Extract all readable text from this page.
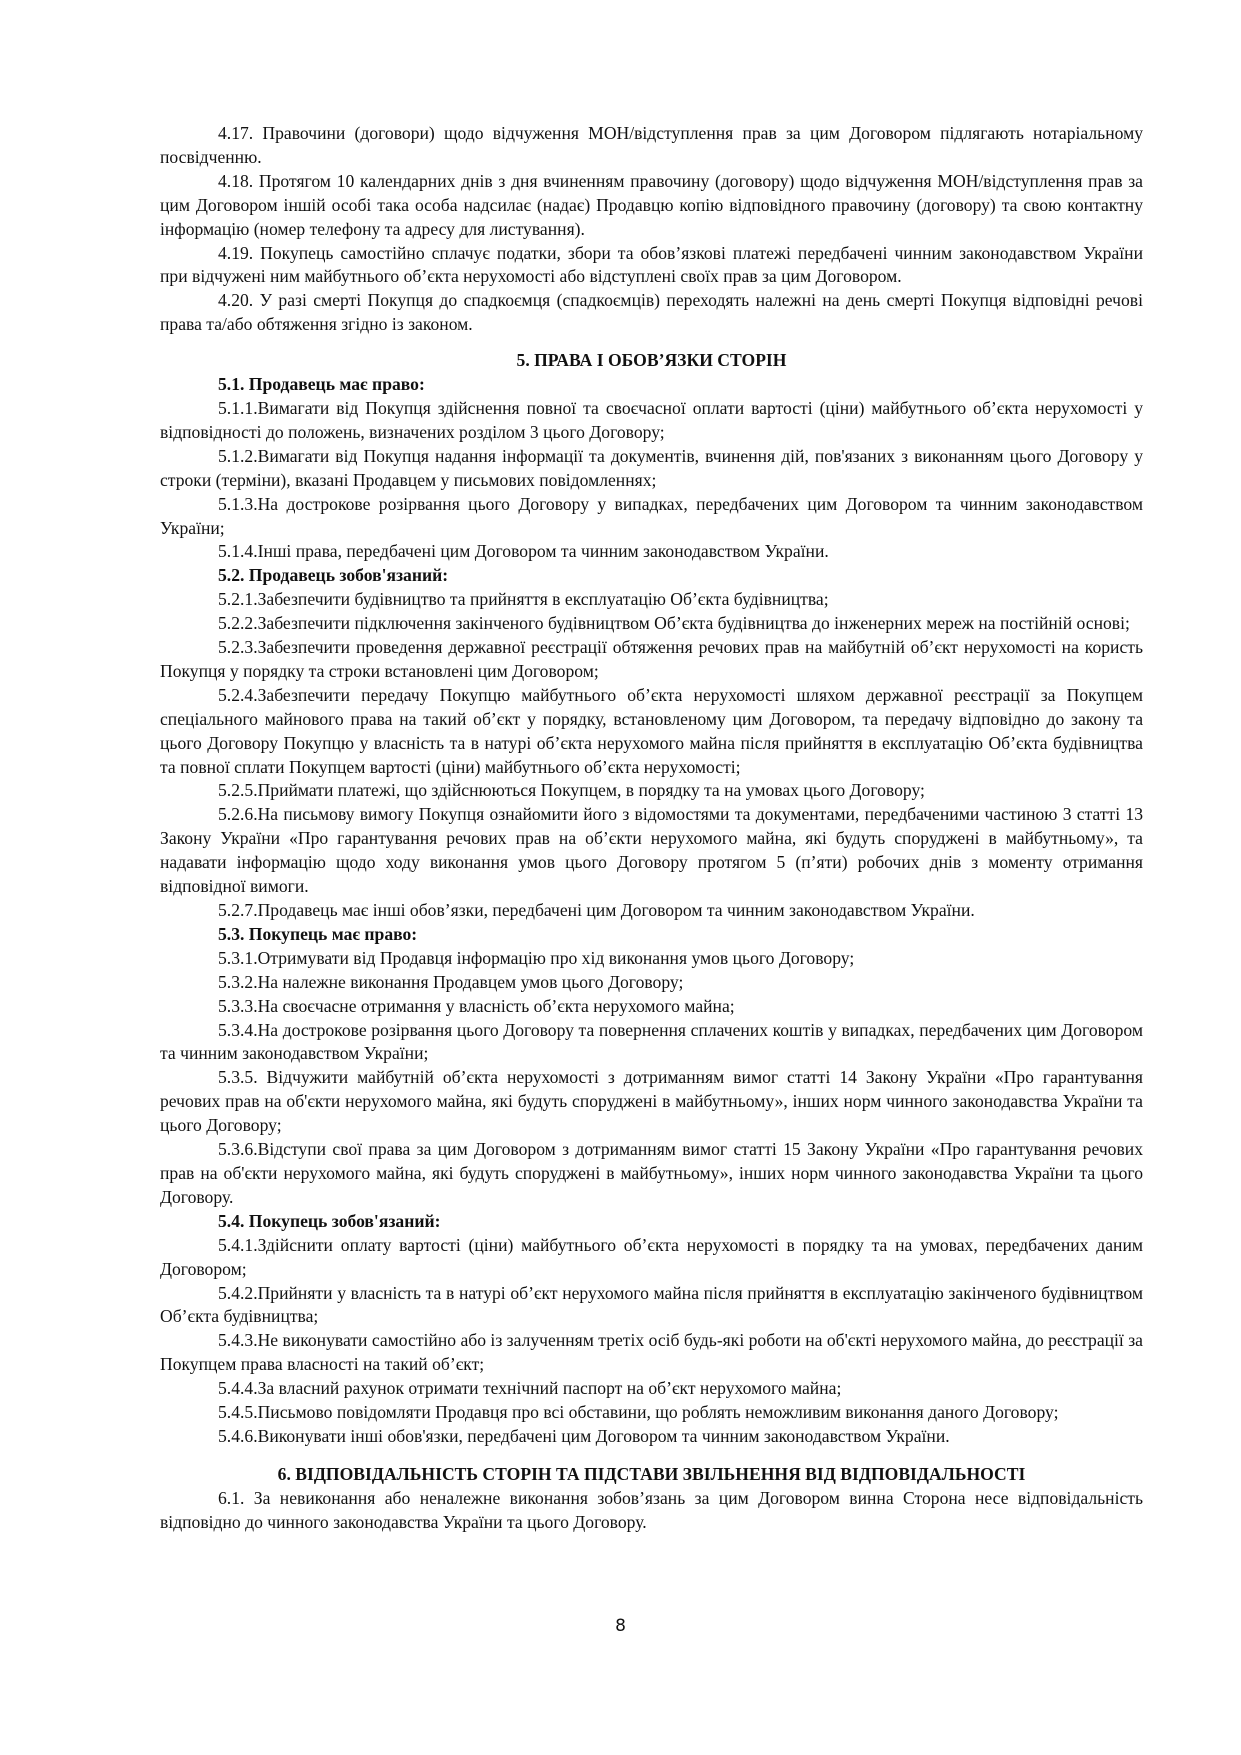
4.17. Правочини (договори) щодо відчуження МОН/відступлення прав за цим Договором підлягають нотаріальному посвідченню.

4.18. Протягом 10 календарних днів з дня вчиненням правочину (договору) щодо відчуження МОН/відступлення прав за цим Договором іншій особі така особа надсилає (надає) Продавцю копію відповідного правочину (договору) та свою контактну інформацію (номер телефону та адресу для листування).

4.19. Покупець самостійно сплачує податки, збори та обов’язкові платежі передбачені чинним законодавством України при відчужені ним майбутнього об’єкта нерухомості або відступлені своїх прав за цим Договором.

4.20. У разі смерті Покупця до спадкоємця (спадкоємців) переходять належні на день смерті Покупця відповідні речові права та/або обтяження згідно із законом.

5. ПРАВА І ОБОВ’ЯЗКИ СТОРІН

5.1. Продавець має право:

5.1.1.Вимагати від Покупця здійснення повної та своєчасної оплати вартості (ціни) майбутнього об’єкта нерухомості у відповідності до положень, визначених розділом 3 цього Договору;

5.1.2.Вимагати від Покупця надання інформації та документів, вчинення дій, пов'язаних з виконанням цього Договору у строки (терміни), вказані Продавцем у письмових повідомленнях;

5.1.3.На дострокове розірвання цього Договору у випадках, передбачених цим Договором та чинним законодавством України;

5.1.4.Інші права, передбачені цим Договором та чинним законодавством України.

5.2. Продавець зобов'язаний:

5.2.1.Забезпечити будівництво та прийняття в експлуатацію Об’єкта будівництва;

5.2.2.Забезпечити підключення закінченого будівництвом Об’єкта будівництва до інженерних мереж на постійній основі;

5.2.3.Забезпечити проведення державної реєстрації обтяження речових прав на майбутній об’єкт нерухомості на користь Покупця у порядку та строки встановлені цим Договором;

5.2.4.Забезпечити передачу Покупцю майбутнього об’єкта нерухомості шляхом державної реєстрації за Покупцем спеціального майнового права на такий об’єкт у порядку, встановленому цим Договором, та передачу відповідно до закону та цього Договору Покупцю у власність та в натурі об’єкта нерухомого майна після прийняття в експлуатацію Об’єкта будівництва та повної сплати Покупцем вартості (ціни) майбутнього об’єкта нерухомості;

5.2.5.Приймати платежі, що здійснюються Покупцем, в порядку та на умовах цього Договору;

5.2.6.На письмову вимогу Покупця ознайомити його з відомостями та документами, передбаченими частиною 3 статті 13 Закону України «Про гарантування речових прав на об’єкти нерухомого майна, які будуть споруджені в майбутньому», та надавати інформацію щодо ходу виконання умов цього Договору протягом 5 (п’яти) робочих днів з моменту отримання відповідної вимоги.

5.2.7.Продавець має інші обов’язки, передбачені цим Договором та чинним законодавством України.

5.3. Покупець має право:

5.3.1.Отримувати від Продавця інформацію про хід виконання умов цього Договору;

5.3.2.На належне виконання Продавцем умов цього Договору;

5.3.3.На своєчасне отримання у власність об’єкта нерухомого майна;

5.3.4.На дострокове розірвання цього Договору та повернення сплачених коштів у випадках, передбачених цим Договором та чинним законодавством України;

5.3.5. Відчужити майбутній об’єкта нерухомості з дотриманням вимог статті 14 Закону України «Про гарантування речових прав на об'єкти нерухомого майна, які будуть споруджені в майбутньому», інших норм чинного законодавства України та цього Договору;

5.3.6.Відступи свої права за цим Договором з дотриманням вимог статті 15 Закону України «Про гарантування речових прав на об'єкти нерухомого майна, які будуть споруджені в майбутньому», інших норм чинного законодавства України та цього Договору.

5.4. Покупець зобов'язаний:

5.4.1.Здійснити оплату вартості (ціни) майбутнього об’єкта нерухомості в порядку та на умовах, передбачених даним Договором;

5.4.2.Прийняти у власність та в натурі об’єкт нерухомого майна після прийняття в експлуатацію закінченого будівництвом Об’єкта будівництва;

5.4.3.Не виконувати самостійно або із залученням третіх осіб будь-які роботи на об'єкті нерухомого майна, до реєстрації за Покупцем права власності на такий об’єкт;

5.4.4.За власний рахунок отримати технічний паспорт на об’єкт нерухомого майна;

5.4.5.Письмово повідомляти Продавця про всі обставини, що роблять неможливим виконання даного Договору;

5.4.6.Виконувати інші обов'язки, передбачені цим Договором та чинним законодавством України.

6. ВІДПОВІДАЛЬНІСТЬ СТОРІН ТА ПІДСТАВИ ЗВІЛЬНЕННЯ ВІД ВІДПОВІДАЛЬНОСТІ

6.1. За невиконання або неналежне виконання зобов’язань за цим Договором винна Сторона несе відповідальність відповідно до чинного законодавства України та цього Договору.

8
